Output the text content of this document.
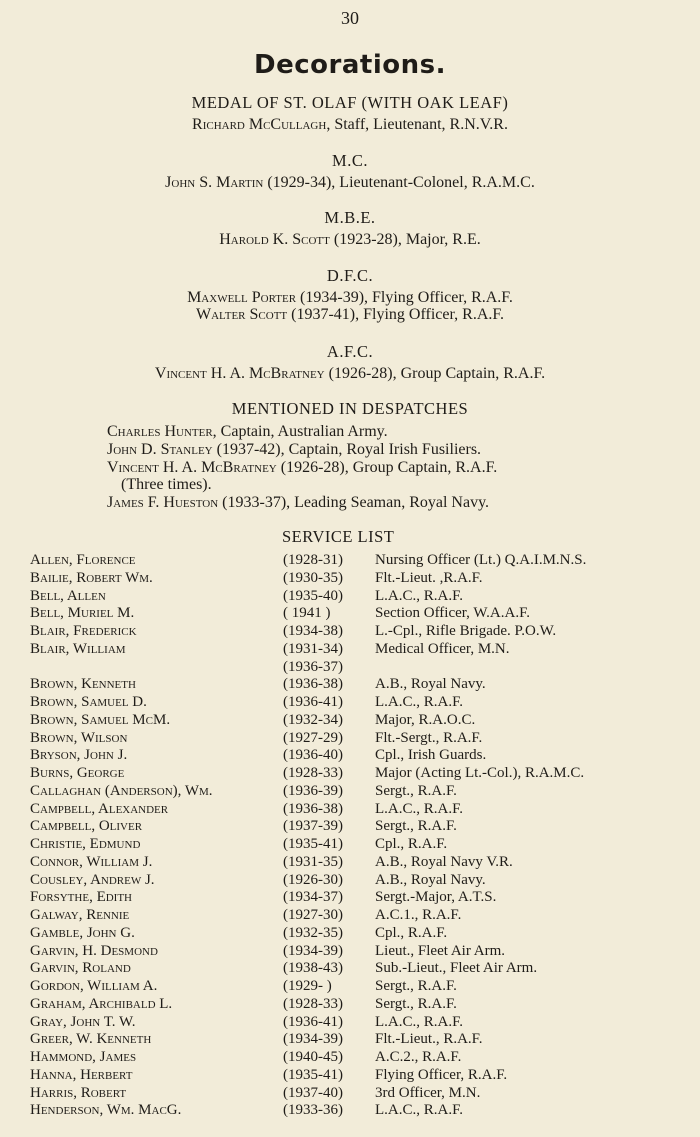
30
Decorations.
MEDAL OF ST. OLAF (WITH OAK LEAF)
Richard McCullagh, Staff, Lieutenant, R.N.V.R.
M.C.
John S. Martin (1929-34), Lieutenant-Colonel, R.A.M.C.
M.B.E.
Harold K. Scott (1923-28), Major, R.E.
D.F.C.
Maxwell Porter (1934-39), Flying Officer, R.A.F.
Walter Scott (1937-41), Flying Officer, R.A.F.
A.F.C.
Vincent H. A. McBratney (1926-28), Group Captain, R.A.F.
MENTIONED IN DESPATCHES
Charles Hunter, Captain, Australian Army.
John D. Stanley (1937-42), Captain, Royal Irish Fusiliers.
Vincent H. A. McBratney (1926-28), Group Captain, R.A.F.
(Three times).
James F. Hueston (1933-37), Leading Seaman, Royal Navy.
SERVICE LIST
Allen, Florence	(1928-31) Nursing Officer (Lt.) Q.A.I.M.N.S.
Bailie, Robert Wm.	(1930-35) Flt.-Lieut. ,R.A.F.
Bell, Allen	(1935-40) L.A.C., R.A.F.
Bell, Muriel M.	( 1941 )	Section Officer, W.A.A.F.
Blair, Frederick	(1934-38) L.-Cpl., Rifle Brigade. P.O.W.
Blair, William	(1931-34) Medical Officer, M.N.
(1936-37)
Brown, Kenneth	(1936-38) A.B., Royal Navy.
Brown, Samuel D.	(1936-41) L.A.C., R.A.F.
Brown, Samuel McM.	(1932-34) Major, R.A.O.C.
Brown, Wilson	(1927-29) Flt.-Sergt., R.A.F.
Bryson, John J.	(1936-40) Cpl., Irish Guards.
Burns, George	(1928-33) Major (Acting Lt.-Col.), R.A.M.C.
Callaghan (Anderson), Wm.	(1936-39) Sergt., R.A.F.
Campbell, Alexander	(1936-38) L.A.C., R.A.F.
Campbell, Oliver	(1937-39) Sergt., R.A.F.
Christie, Edmund	(1935-41) Cpl., R.A.F.
Connor, William J.	(1931-35) A.B., Royal Navy V.R.
Cousley, Andrew J.	(1926-30) A.B., Royal Navy.
Forsythe, Edith	(1934-37) Sergt.-Major, A.T.S.
Galway, Rennie	(1927-30) A.C.1., R.A.F.
Gamble, John G.	(1932-35) Cpl., R.A.F.
Garvin, H. Desmond	(1934-39) Lieut., Fleet Air Arm.
Garvin, Roland	(1938-43) Sub.-Lieut., Fleet Air Arm.
Gordon, William A.	(1929- )	Sergt., R.A.F.
Graham, Archibald L.	(1928-33) Sergt., R.A.F.
Gray, John T. W.	(1936-41) L.A.C., R.A.F.
Greer, W. Kenneth	(1934-39) Flt.-Lieut., R.A.F.
Hammond, James	(1940-45) A.C.2., R.A.F.
Hanna, Herbert	(1935-41) Flying Officer, R.A.F.
Harris, Robert	(1937-40) 3rd Officer, M.N.
Henderson, Wm. MacG.	(1933-36) L.A.C., R.A.F.
